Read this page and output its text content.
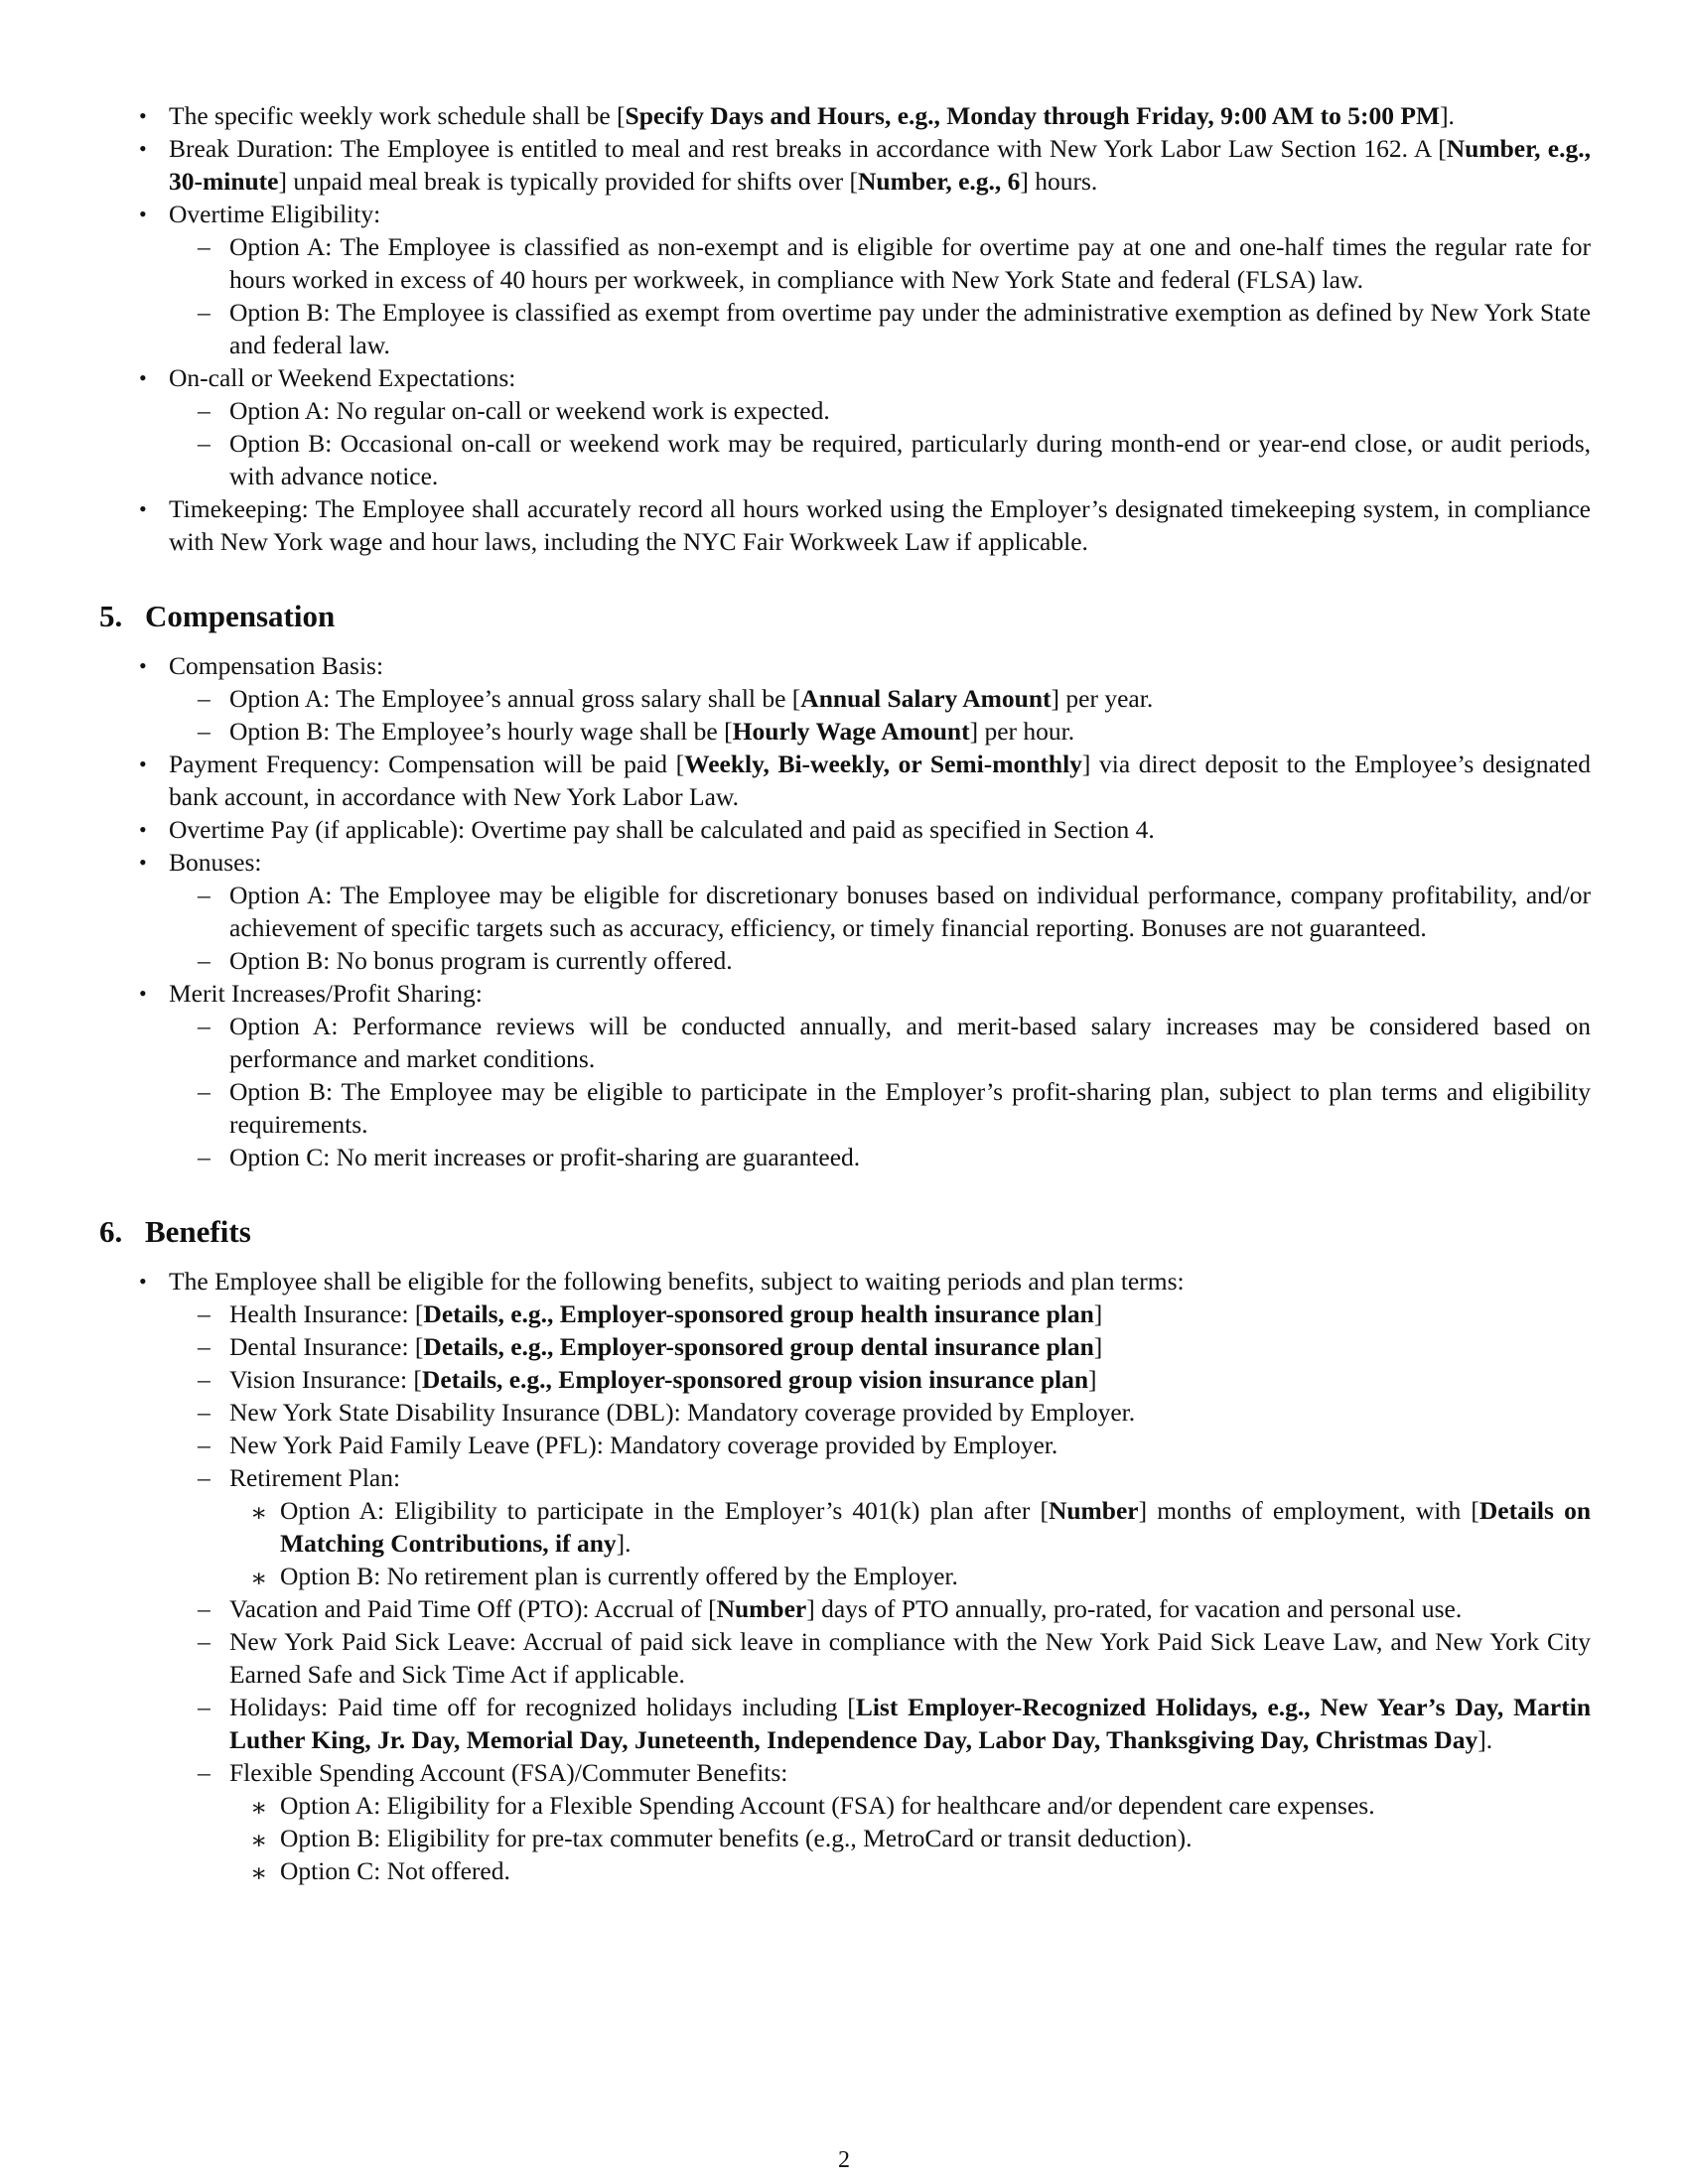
• The specific weekly work schedule shall be [Specify Days and Hours, e.g., Monday through Friday, 9:00 AM to 5:00 PM].
• Break Duration: The Employee is entitled to meal and rest breaks in accordance with New York Labor Law Section 162. A [Number, e.g., 30-minute] unpaid meal break is typically provided for shifts over [Number, e.g., 6] hours.
• Overtime Eligibility:
– Option A: The Employee is classified as non-exempt and is eligible for overtime pay at one and one-half times the regular rate for hours worked in excess of 40 hours per workweek, in compliance with New York State and federal (FLSA) law.
– Option B: The Employee is classified as exempt from overtime pay under the administrative exemption as defined by New York State and federal law.
• On-call or Weekend Expectations:
– Option A: No regular on-call or weekend work is expected.
– Option B: Occasional on-call or weekend work may be required, particularly during month-end or year-end close, or audit periods, with advance notice.
• Timekeeping: The Employee shall accurately record all hours worked using the Employer’s designated timekeeping system, in compliance with New York wage and hour laws, including the NYC Fair Workweek Law if applicable.
5. Compensation
• Compensation Basis:
– Option A: The Employee’s annual gross salary shall be [Annual Salary Amount] per year.
– Option B: The Employee’s hourly wage shall be [Hourly Wage Amount] per hour.
• Payment Frequency: Compensation will be paid [Weekly, Bi-weekly, or Semi-monthly] via direct deposit to the Employee’s designated bank account, in accordance with New York Labor Law.
• Overtime Pay (if applicable): Overtime pay shall be calculated and paid as specified in Section 4.
• Bonuses:
– Option A: The Employee may be eligible for discretionary bonuses based on individual performance, company profitability, and/or achievement of specific targets such as accuracy, efficiency, or timely financial reporting. Bonuses are not guaranteed.
– Option B: No bonus program is currently offered.
• Merit Increases/Profit Sharing:
– Option A: Performance reviews will be conducted annually, and merit-based salary increases may be considered based on performance and market conditions.
– Option B: The Employee may be eligible to participate in the Employer’s profit-sharing plan, subject to plan terms and eligibility requirements.
– Option C: No merit increases or profit-sharing are guaranteed.
6. Benefits
• The Employee shall be eligible for the following benefits, subject to waiting periods and plan terms:
– Health Insurance: [Details, e.g., Employer-sponsored group health insurance plan]
– Dental Insurance: [Details, e.g., Employer-sponsored group dental insurance plan]
– Vision Insurance: [Details, e.g., Employer-sponsored group vision insurance plan]
– New York State Disability Insurance (DBL): Mandatory coverage provided by Employer.
– New York Paid Family Leave (PFL): Mandatory coverage provided by Employer.
– Retirement Plan:
∗ Option A: Eligibility to participate in the Employer’s 401(k) plan after [Number] months of employment, with [Details on Matching Contributions, if any].
∗ Option B: No retirement plan is currently offered by the Employer.
– Vacation and Paid Time Off (PTO): Accrual of [Number] days of PTO annually, pro-rated, for vacation and personal use.
– New York Paid Sick Leave: Accrual of paid sick leave in compliance with the New York Paid Sick Leave Law, and New York City Earned Safe and Sick Time Act if applicable.
– Holidays: Paid time off for recognized holidays including [List Employer-Recognized Holidays, e.g., New Year’s Day, Martin Luther King, Jr. Day, Memorial Day, Juneteenth, Independence Day, Labor Day, Thanksgiving Day, Christmas Day].
– Flexible Spending Account (FSA)/Commuter Benefits:
∗ Option A: Eligibility for a Flexible Spending Account (FSA) for healthcare and/or dependent care expenses.
∗ Option B: Eligibility for pre-tax commuter benefits (e.g., MetroCard or transit deduction).
∗ Option C: Not offered.
2
